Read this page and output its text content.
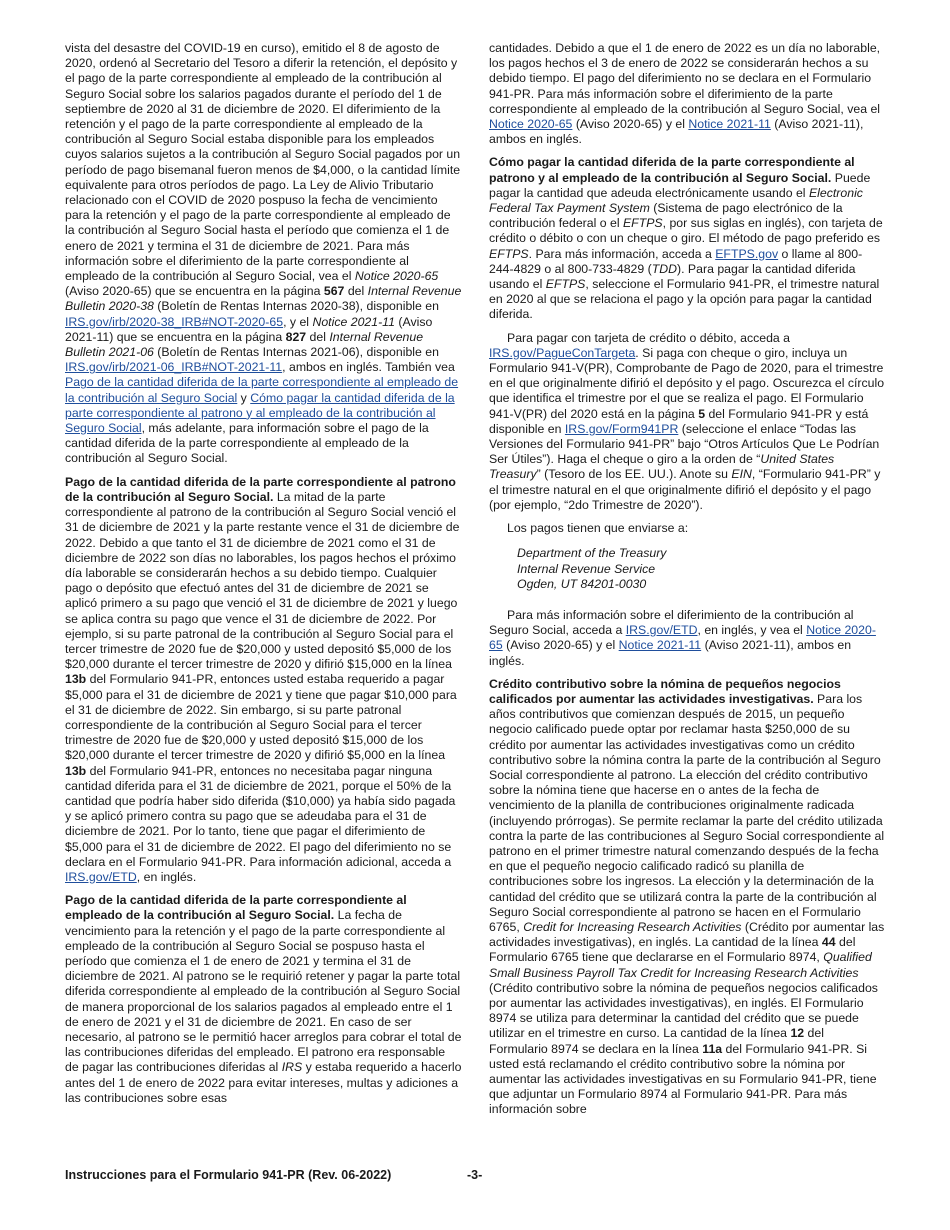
vista del desastre del COVID-19 en curso), emitido el 8 de agosto de 2020, ordenó al Secretario del Tesoro a diferir la retención, el depósito y el pago de la parte correspondiente al empleado de la contribución al Seguro Social sobre los salarios pagados durante el período del 1 de septiembre de 2020 al 31 de diciembre de 2020. El diferimiento de la retención y el pago de la parte correspondiente al empleado de la contribución al Seguro Social estaba disponible para los empleados cuyos salarios sujetos a la contribución al Seguro Social pagados por un período de pago bisemanal fueron menos de $4,000, o la cantidad límite equivalente para otros períodos de pago. La Ley de Alivio Tributario relacionado con el COVID de 2020 pospuso la fecha de vencimiento para la retención y el pago de la parte correspondiente al empleado de la contribución al Seguro Social hasta el período que comienza el 1 de enero de 2021 y termina el 31 de diciembre de 2021. Para más información sobre el diferimiento de la parte correspondiente al empleado de la contribución al Seguro Social, vea el Notice 2020-65 (Aviso 2020-65) que se encuentra en la página 567 del Internal Revenue Bulletin 2020-38 (Boletín de Rentas Internas 2020-38), disponible en IRS.gov/irb/2020-38_IRB#NOT-2020-65, y el Notice 2021-11 (Aviso 2021-11) que se encuentra en la página 827 del Internal Revenue Bulletin 2021-06 (Boletín de Rentas Internas 2021-06), disponible en IRS.gov/irb/2021-06_IRB#NOT-2021-11, ambos en inglés. También vea Pago de la cantidad diferida de la parte correspondiente al empleado de la contribución al Seguro Social y Cómo pagar la cantidad diferida de la parte correspondiente al patrono y al empleado de la contribución al Seguro Social, más adelante, para información sobre el pago de la cantidad diferida de la parte correspondiente al empleado de la contribución al Seguro Social.

Pago de la cantidad diferida de la parte correspondiente al patrono de la contribución al Seguro Social. La mitad de la parte correspondiente al patrono de la contribución al Seguro Social venció el 31 de diciembre de 2021 y la parte restante vence el 31 de diciembre de 2022. Debido a que tanto el 31 de diciembre de 2021 como el 31 de diciembre de 2022 son días no laborables, los pagos hechos el próximo día laborable se considerarán hechos a su debido tiempo. Cualquier pago o depósito que efectuó antes del 31 de diciembre de 2021 se aplicó primero a su pago que venció el 31 de diciembre de 2021 y luego se aplica contra su pago que vence el 31 de diciembre de 2022. Por ejemplo, si su parte patronal de la contribución al Seguro Social para el tercer trimestre de 2020 fue de $20,000 y usted depositó $5,000 de los $20,000 durante el tercer trimestre de 2020 y difirió $15,000 en la línea 13b del Formulario 941-PR, entonces usted estaba requerido a pagar $5,000 para el 31 de diciembre de 2021 y tiene que pagar $10,000 para el 31 de diciembre de 2022. Sin embargo, si su parte patronal correspondiente de la contribución al Seguro Social para el tercer trimestre de 2020 fue de $20,000 y usted depositó $15,000 de los $20,000 durante el tercer trimestre de 2020 y difirió $5,000 en la línea 13b del Formulario 941-PR, entonces no necesitaba pagar ninguna cantidad diferida para el 31 de diciembre de 2021, porque el 50% de la cantidad que podría haber sido diferida ($10,000) ya había sido pagada y se aplicó primero contra su pago que se adeudaba para el 31 de diciembre de 2021. Por lo tanto, tiene que pagar el diferimiento de $5,000 para el 31 de diciembre de 2022. El pago del diferimiento no se declara en el Formulario 941-PR. Para información adicional, acceda a IRS.gov/ETD, en inglés.

Pago de la cantidad diferida de la parte correspondiente al empleado de la contribución al Seguro Social. La fecha de vencimiento para la retención y el pago de la parte correspondiente al empleado de la contribución al Seguro Social se pospuso hasta el período que comienza el 1 de enero de 2021 y termina el 31 de diciembre de 2021. Al patrono se le requirió retener y pagar la parte total diferida correspondiente al empleado de la contribución al Seguro Social de manera proporcional de los salarios pagados al empleado entre el 1 de enero de 2021 y el 31 de diciembre de 2021. En caso de ser necesario, al patrono se le permitió hacer arreglos para cobrar el total de las contribuciones diferidas del empleado. El patrono era responsable de pagar las contribuciones diferidas al IRS y estaba requerido a hacerlo antes del 1 de enero de 2022 para evitar intereses, multas y adiciones a las contribuciones sobre esas

cantidades. Debido a que el 1 de enero de 2022 es un día no laborable, los pagos hechos el 3 de enero de 2022 se considerarán hechos a su debido tiempo. El pago del diferimiento no se declara en el Formulario 941-PR. Para más información sobre el diferimiento de la parte correspondiente al empleado de la contribución al Seguro Social, vea el Notice 2020-65 (Aviso 2020-65) y el Notice 2021-11 (Aviso 2021-11), ambos en inglés.

Cómo pagar la cantidad diferida de la parte correspondiente al patrono y al empleado de la contribución al Seguro Social. Puede pagar la cantidad que adeuda electrónicamente usando el Electronic Federal Tax Payment System (Sistema de pago electrónico de la contribución federal o el EFTPS, por sus siglas en inglés), con tarjeta de crédito o débito o con un cheque o giro. El método de pago preferido es EFTPS. Para más información, acceda a EFTPS.gov o llame al 800-244-4829 o al 800-733-4829 (TDD). Para pagar la cantidad diferida usando el EFTPS, seleccione el Formulario 941-PR, el trimestre natural en 2020 al que se relaciona el pago y la opción para pagar la cantidad diferida.

Para pagar con tarjeta de crédito o débito, acceda a IRS.gov/PagueConTargeta. Si paga con cheque o giro, incluya un Formulario 941-V(PR), Comprobante de Pago de 2020, para el trimestre en el que originalmente difirió el depósito y el pago. Oscurezca el círculo que identifica el trimestre por el que se realiza el pago. El Formulario 941-V(PR) del 2020 está en la página 5 del Formulario 941-PR y está disponible en IRS.gov/Form941PR (seleccione el enlace “Todas las Versiones del Formulario 941-PR” bajo “Otros Artículos Que Le Podrían Ser Útiles”). Haga el cheque o giro a la orden de “United States Treasury” (Tesoro de los EE. UU.). Anote su EIN, “Formulario 941-PR” y el trimestre natural en el que originalmente difirió el depósito y el pago (por ejemplo, “2do Trimestre de 2020”).

Los pagos tienen que enviarse a:

Department of the Treasury
Internal Revenue Service
Ogden, UT 84201-0030

Para más información sobre el diferimiento de la contribución al Seguro Social, acceda a IRS.gov/ETD, en inglés, y vea el Notice 2020-65 (Aviso 2020-65) y el Notice 2021-11 (Aviso 2021-11), ambos en inglés.

Crédito contributivo sobre la nómina de pequeños negocios calificados por aumentar las actividades investigativas. Para los años contributivos que comienzan después de 2015, un pequeño negocio calificado puede optar por reclamar hasta $250,000 de su crédito por aumentar las actividades investigativas como un crédito contributivo sobre la nómina contra la parte de la contribución al Seguro Social correspondiente al patrono. La elección del crédito contributivo sobre la nómina tiene que hacerse en o antes de la fecha de vencimiento de la planilla de contribuciones originalmente radicada (incluyendo prórrogas). Se permite reclamar la parte del crédito utilizada contra la parte de las contribuciones al Seguro Social correspondiente al patrono en el primer trimestre natural comenzando después de la fecha en que el pequeño negocio calificado radicó su planilla de contribuciones sobre los ingresos. La elección y la determinación de la cantidad del crédito que se utilizará contra la parte de la contribución al Seguro Social correspondiente al patrono se hacen en el Formulario 6765, Credit for Increasing Research Activities (Crédito por aumentar las actividades investigativas), en inglés. La cantidad de la línea 44 del Formulario 6765 tiene que declararse en el Formulario 8974, Qualified Small Business Payroll Tax Credit for Increasing Research Activities (Crédito contributivo sobre la nómina de pequeños negocios calificados por aumentar las actividades investigativas), en inglés. El Formulario 8974 se utiliza para determinar la cantidad del crédito que se puede utilizar en el trimestre en curso. La cantidad de la línea 12 del Formulario 8974 se declara en la línea 11a del Formulario 941-PR. Si usted está reclamando el crédito contributivo sobre la nómina por aumentar las actividades investigativas en su Formulario 941-PR, tiene que adjuntar un Formulario 8974 al Formulario 941-PR. Para más información sobre

Instrucciones para el Formulario 941-PR (Rev. 06-2022)	-3-
